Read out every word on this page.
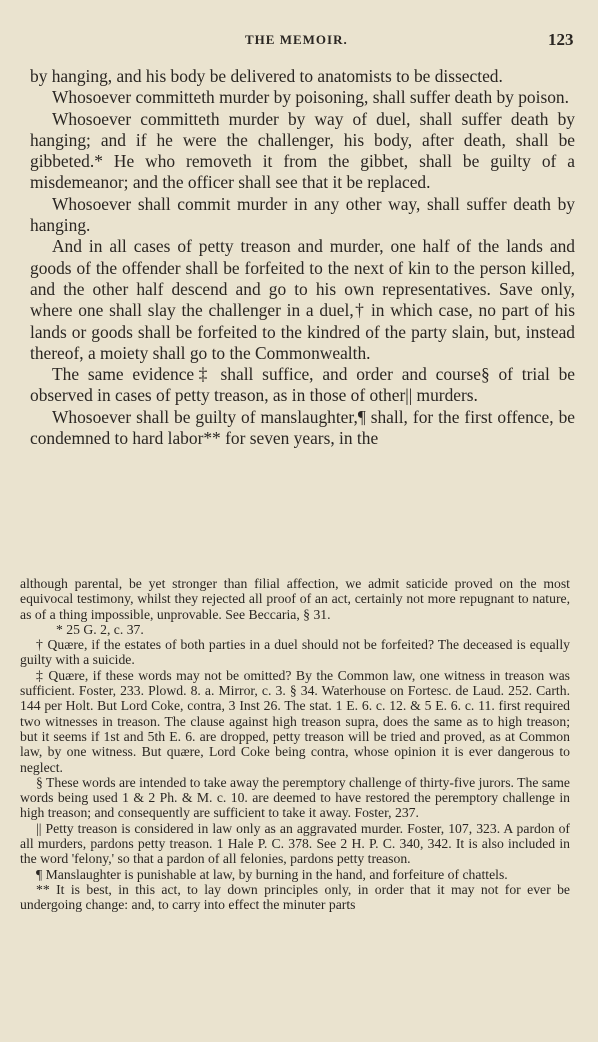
THE MEMOIR.	123

by hanging, and his body be delivered to anatomists to be dissected.

Whosoever committeth murder by poisoning, shall suffer death by poison.

Whosoever committeth murder by way of duel, shall suffer death by hanging; and if he were the challenger, his body, after death, shall be gibbeted.* He who removeth it from the gibbet, shall be guilty of a misdemeanor; and the officer shall see that it be replaced.

Whosoever shall commit murder in any other way, shall suffer death by hanging.

And in all cases of petty treason and murder, one half of the lands and goods of the offender shall be forfeited to the next of kin to the person killed, and the other half descend and go to his own representatives. Save only, where one shall slay the challenger in a duel,† in which case, no part of his lands or goods shall be forfeited to the kindred of the party slain, but, instead thereof, a moiety shall go to the Commonwealth.

The same evidence‡ shall suffice, and order and course§ of trial be observed in cases of petty treason, as in those of other|| murders.

Whosoever shall be guilty of manslaughter,¶ shall, for the first offence, be condemned to hard labor** for seven years, in the

although parental, be yet stronger than filial affection, we admit saticide proved on the most equivocal testimony, whilst they rejected all proof of an act, certainly not more repugnant to nature, as of a thing impossible, unprovable. See Beccaria, § 31.

* 25 G. 2, c. 37.

† Quære, if the estates of both parties in a duel should not be forfeited? The deceased is equally guilty with a suicide.

‡ Quære, if these words may not be omitted? By the Common law, one witness in treason was sufficient. Foster, 233. Plowd. 8. a. Mirror, c. 3. § 34. Waterhouse on Fortesc. de Laud. 252. Carth. 144 per Holt. But Lord Coke, contra, 3 Inst 26. The stat. 1 E. 6. c. 12. & 5 E. 6. c. 11. first required two witnesses in treason. The clause against high treason supra, does the same as to high treason; but it seems if 1st and 5th E. 6. are dropped, petty treason will be tried and proved, as at Common law, by one witness. But quære, Lord Coke being contra, whose opinion it is ever dangerous to neglect.

§ These words are intended to take away the peremptory challenge of thirty-five jurors. The same words being used 1 & 2 Ph. & M. c. 10. are deemed to have restored the peremptory challenge in high treason; and consequently are sufficient to take it away. Foster, 237.

|| Petty treason is considered in law only as an aggravated murder. Foster, 107, 323. A pardon of all murders, pardons petty treason. 1 Hale P. C. 378. See 2 H. P. C. 340, 342. It is also included in the word 'felony,' so that a pardon of all felonies, pardons petty treason.

¶ Manslaughter is punishable at law, by burning in the hand, and forfeiture of chattels.

** It is best, in this act, to lay down principles only, in order that it may not for ever be undergoing change: and, to carry into effect the minuter parts
